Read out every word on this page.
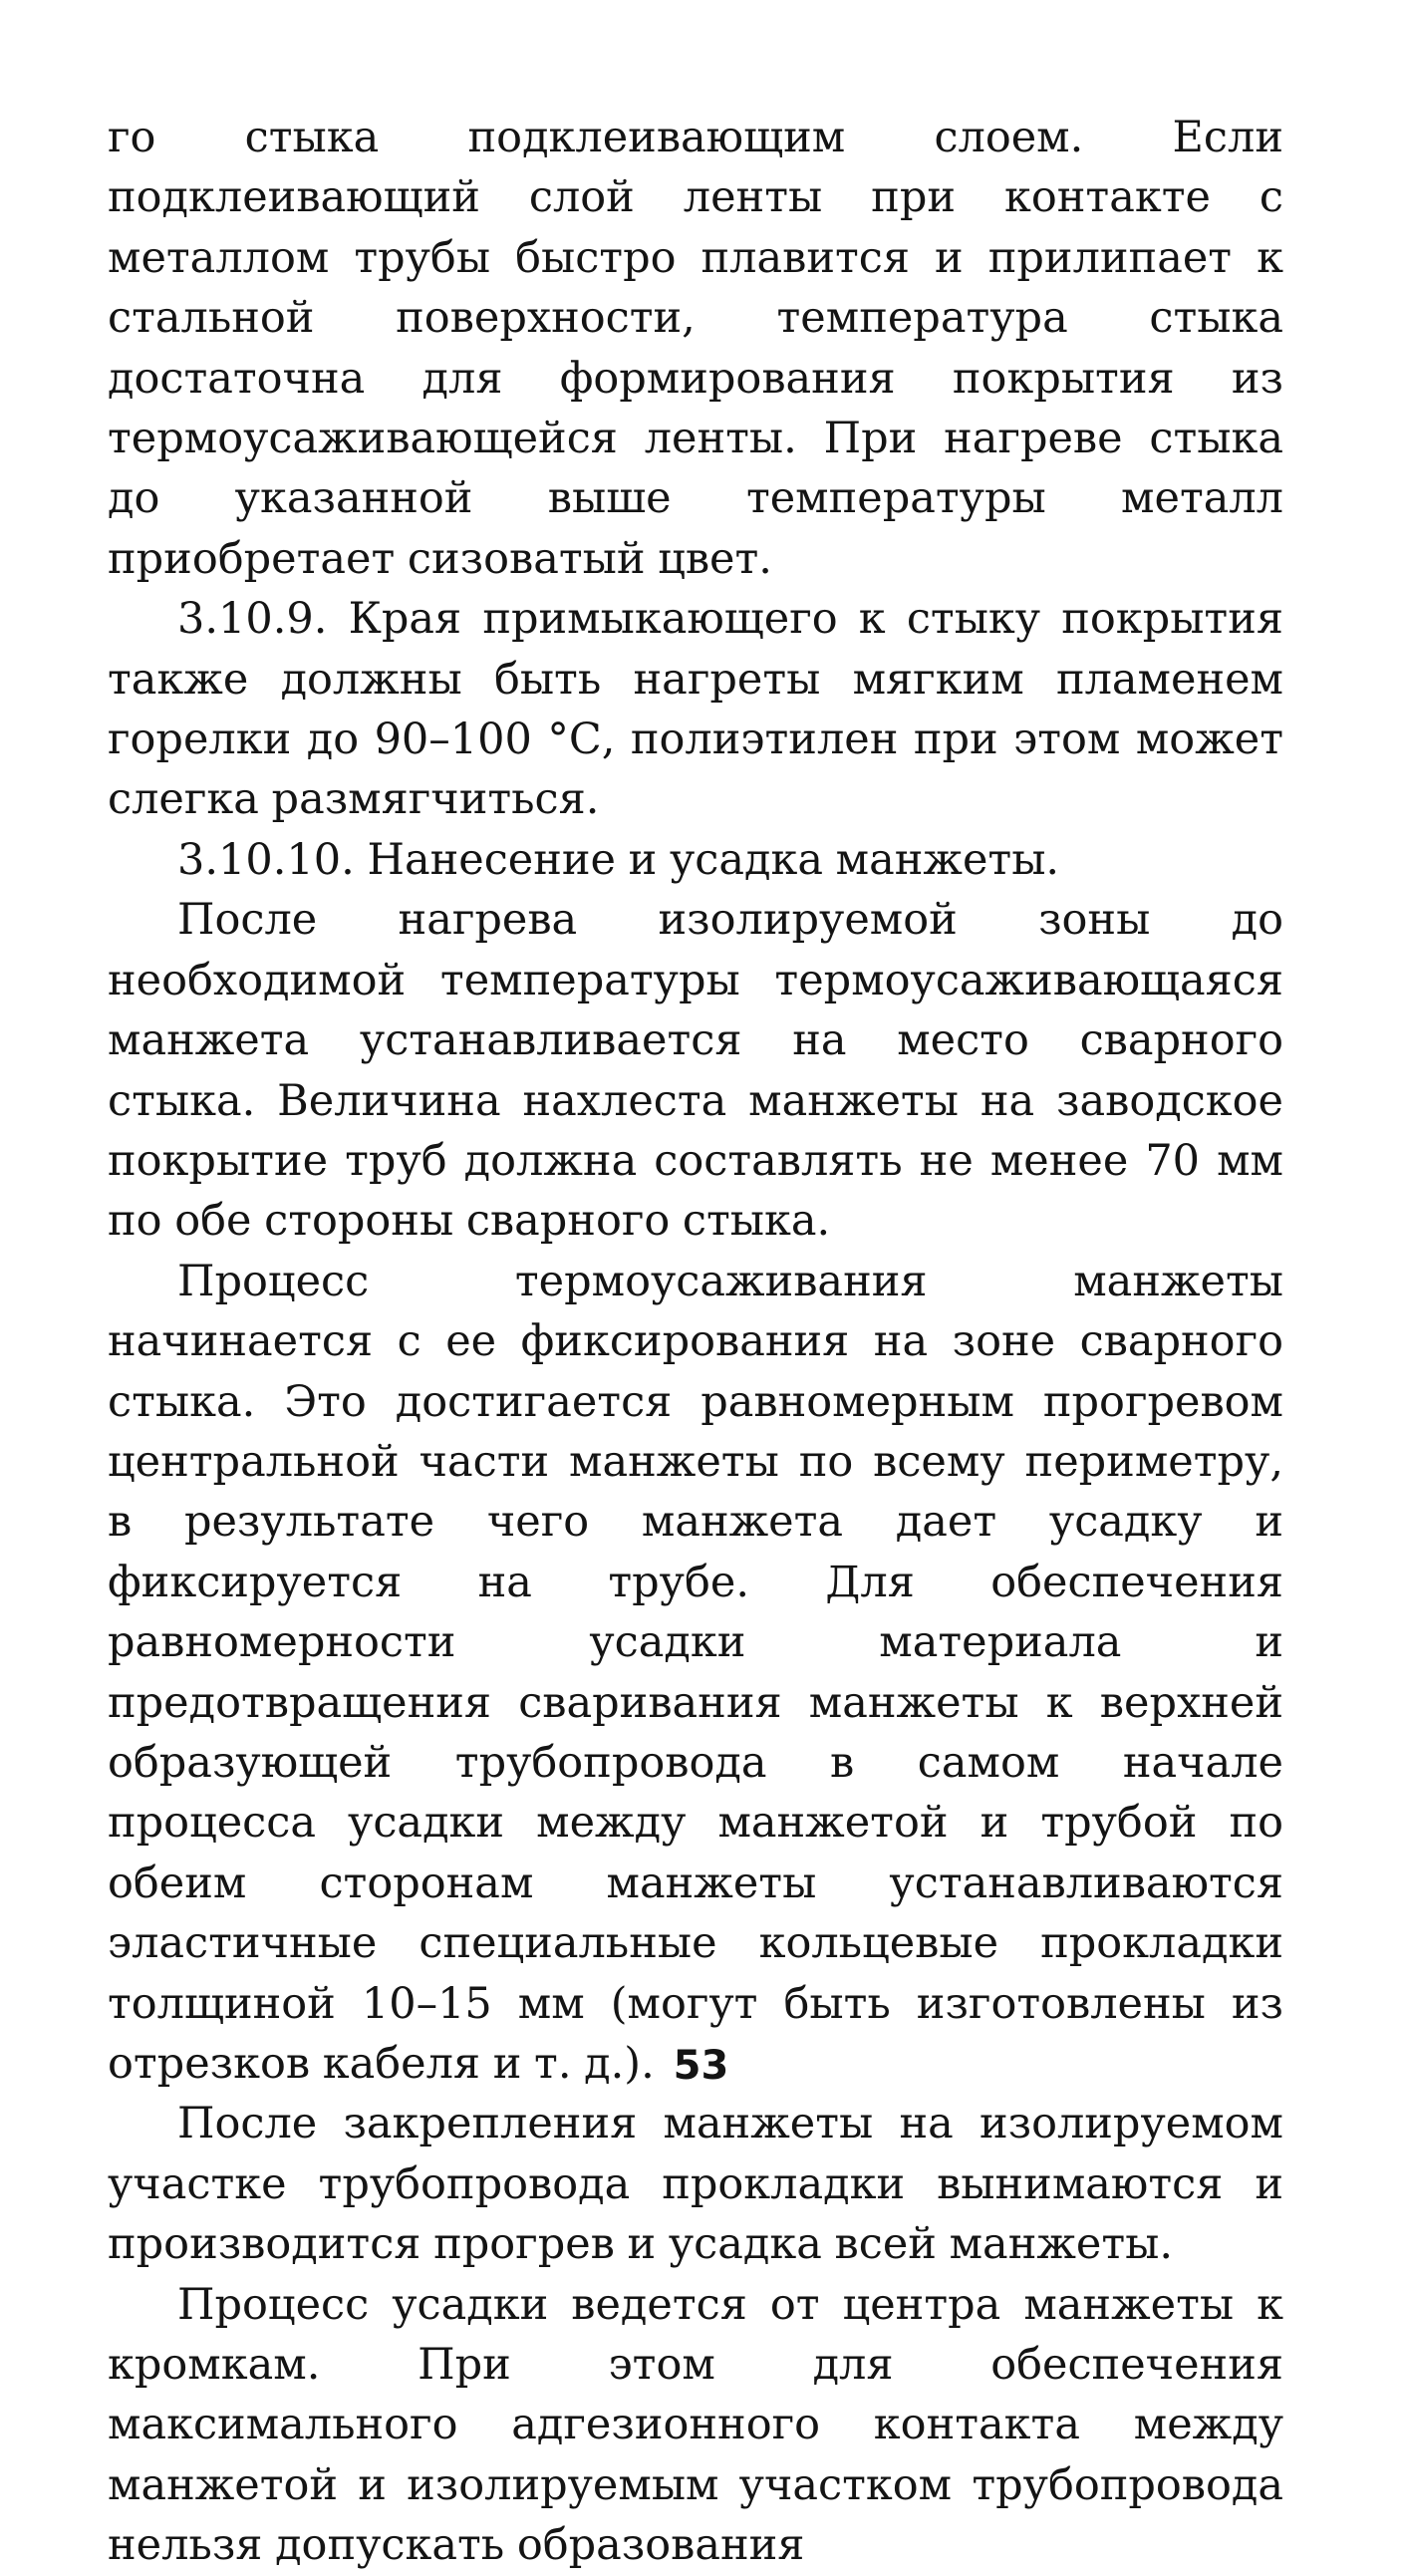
го стыка подклеивающим слоем. Если подклеивающий слой ленты при контакте с металлом трубы быстро плавится и прилипает к стальной поверхности, температура стыка достаточна для формирования покрытия из термоусаживающейся ленты. При нагреве стыка до указанной выше температуры металл приобретает сизоватый цвет.

3.10.9. Края примыкающего к стыку покрытия также должны быть нагреты мягким пламенем горелки до 90–100 °С, полиэтилен при этом может слегка размягчиться.

3.10.10. Нанесение и усадка манжеты.

После нагрева изолируемой зоны до необходимой температуры термоусаживающаяся манжета устанавливается на место сварного стыка. Величина нахлеста манжеты на заводское покрытие труб должна составлять не менее 70 мм по обе стороны сварного стыка.

Процесс термоусаживания манжеты начинается с ее фиксирования на зоне сварного стыка. Это достигается равномерным прогревом центральной части манжеты по всему периметру, в результате чего манжета дает усадку и фиксируется на трубе. Для обеспечения равномерности усадки материала и предотвращения сваривания манжеты к верхней образующей трубопровода в самом начале процесса усадки между манжетой и трубой по обеим сторонам манжеты устанавливаются эластичные специальные кольцевые прокладки толщиной 10–15 мм (могут быть изготовлены из отрезков кабеля и т. д.).

После закрепления манжеты на изолируемом участке трубопровода прокладки вынимаются и производится прогрев и усадка всей манжеты.

Процесс усадки ведется от центра манжеты к кромкам. При этом для обеспечения максимального адгезионного контакта между манжетой и изолируемым участком трубопровода нельзя допускать образования

53
